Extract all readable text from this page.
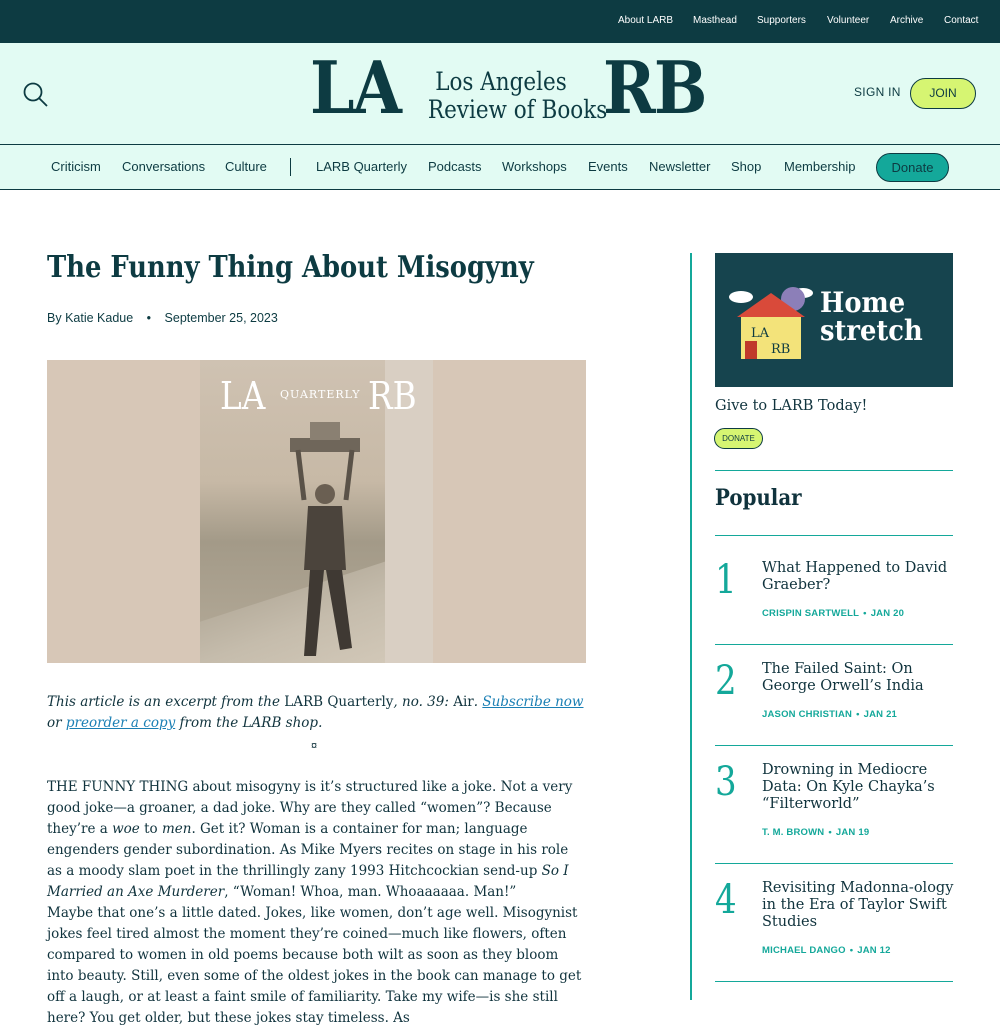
About LARB Masthead Supporters Volunteer Archive Contact
LA Los Angeles
Review of Books
RB	SIGN IN	JOIN
Criticism Conversations Culture	LARB Quarterly Podcasts Workshops Events Newsletter Shop Membership	Donate
The Funny Thing About Misogyny
By Katie Kadue • September 25, 2023
LA QUARTERLY RB

This article is an excerpt from the LARB Quarterly, no. 39: Air. Subscribe now or preorder a copy from the LARB shop.

¤

THE FUNNY THING about misogyny is it’s structured like a joke. Not a very good joke—a groaner, a dad joke. Why are they called “women”? Because they’re a woe to men. Get it? Woman is a container for man; language engenders gender subordination. As Mike Myers recites on stage in his role as a moody slam poet in the thrillingly zany 1993 Hitchcockian send-up So I Married an Axe Murderer, “Woman! Whoa, man. Whoaaaaaa. Man!”

Maybe that one’s a little dated. Jokes, like women, don’t age well. Misogynist jokes feel tired almost the moment they’re coined—much like flowers, often compared to women in old poems because both wilt as soon as they bloom into beauty. Still, even some of the oldest jokes in the book can manage to get off a laugh, or at least a faint smile of familiarity. Take my wife—is she still here? You get older, but these jokes stay timeless. As

LA
RB
Home
stretch
Give to LARB Today!
DONATE
Popular
1 What Happened to David Graeber?
CRISPIN SARTWELL • JAN 20
2 The Failed Saint: On George Orwell’s India
JASON CHRISTIAN • JAN 21
3 Drowning in Mediocre Data: On Kyle Chayka’s “Filterworld”
T. M. BROWN • JAN 19
4 Revisiting Madonna-ology in the Era of Taylor Swift Studies
MICHAEL DANGO • JAN 12
